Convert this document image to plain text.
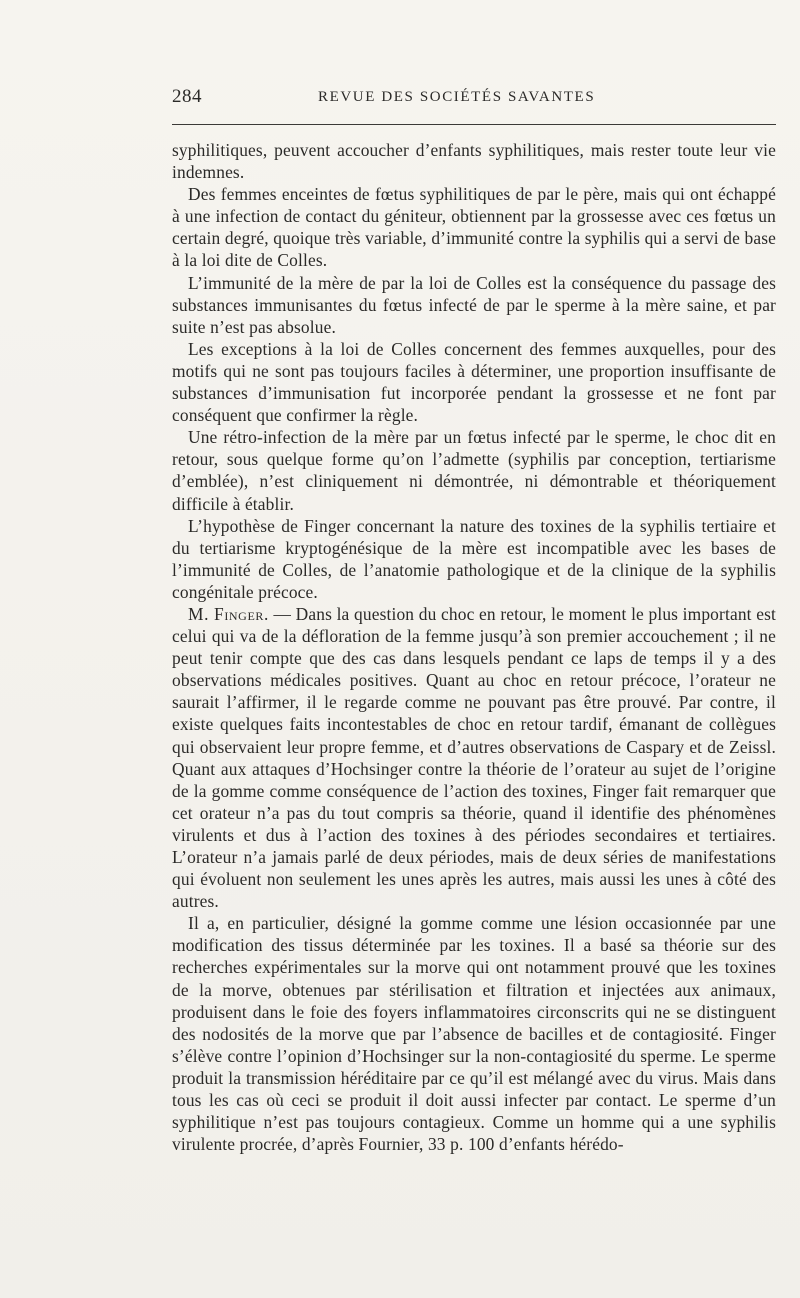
284	REVUE DES SOCIÉTÉS SAVANTES

syphilitiques, peuvent accoucher d’enfants syphilitiques, mais rester toute leur vie indemnes.

Des femmes enceintes de fœtus syphilitiques de par le père, mais qui ont échappé à une infection de contact du géniteur, obtiennent par la grossesse avec ces fœtus un certain degré, quoique très variable, d’immunité contre la syphilis qui a servi de base à la loi dite de Colles.

L’immunité de la mère de par la loi de Colles est la conséquence du passage des substances immunisantes du fœtus infecté de par le sperme à la mère saine, et par suite n’est pas absolue.

Les exceptions à la loi de Colles concernent des femmes auxquelles, pour des motifs qui ne sont pas toujours faciles à déterminer, une proportion insuffisante de substances d’immunisation fut incorporée pendant la grossesse et ne font par conséquent que confirmer la règle.

Une rétro-infection de la mère par un fœtus infecté par le sperme, le choc dit en retour, sous quelque forme qu’on l’admette (syphilis par conception, tertiarisme d’emblée), n’est cliniquement ni démontrée, ni démontrable et théoriquement difficile à établir.

L’hypothèse de Finger concernant la nature des toxines de la syphilis tertiaire et du tertiarisme kryptogénésique de la mère est incompatible avec les bases de l’immunité de Colles, de l’anatomie pathologique et de la clinique de la syphilis congénitale précoce.

M. Finger. — Dans la question du choc en retour, le moment le plus important est celui qui va de la défloration de la femme jusqu’à son premier accouchement ; il ne peut tenir compte que des cas dans lesquels pendant ce laps de temps il y a des observations médicales positives. Quant au choc en retour précoce, l’orateur ne saurait l’affirmer, il le regarde comme ne pouvant pas être prouvé. Par contre, il existe quelques faits incontestables de choc en retour tardif, émanant de collègues qui observaient leur propre femme, et d’autres observations de Caspary et de Zeissl. Quant aux attaques d’Hochsinger contre la théorie de l’orateur au sujet de l’origine de la gomme comme conséquence de l’action des toxines, Finger fait remarquer que cet orateur n’a pas du tout compris sa théorie, quand il identifie des phénomènes virulents et dus à l’action des toxines à des périodes secondaires et tertiaires. L’orateur n’a jamais parlé de deux périodes, mais de deux séries de manifestations qui évoluent non seulement les unes après les autres, mais aussi les unes à côté des autres.

Il a, en particulier, désigné la gomme comme une lésion occasionnée par une modification des tissus déterminée par les toxines. Il a basé sa théorie sur des recherches expérimentales sur la morve qui ont notamment prouvé que les toxines de la morve, obtenues par stérilisation et filtration et injectées aux animaux, produisent dans le foie des foyers inflammatoires circonscrits qui ne se distinguent des nodosités de la morve que par l’absence de bacilles et de contagiosité. Finger s’élève contre l’opinion d’Hochsinger sur la non-contagiosité du sperme. Le sperme produit la transmission héréditaire par ce qu’il est mélangé avec du virus. Mais dans tous les cas où ceci se produit il doit aussi infecter par contact. Le sperme d’un syphilitique n’est pas toujours contagieux. Comme un homme qui a une syphilis virulente procrée, d’après Fournier, 33 p. 100 d’enfants hérédo-
